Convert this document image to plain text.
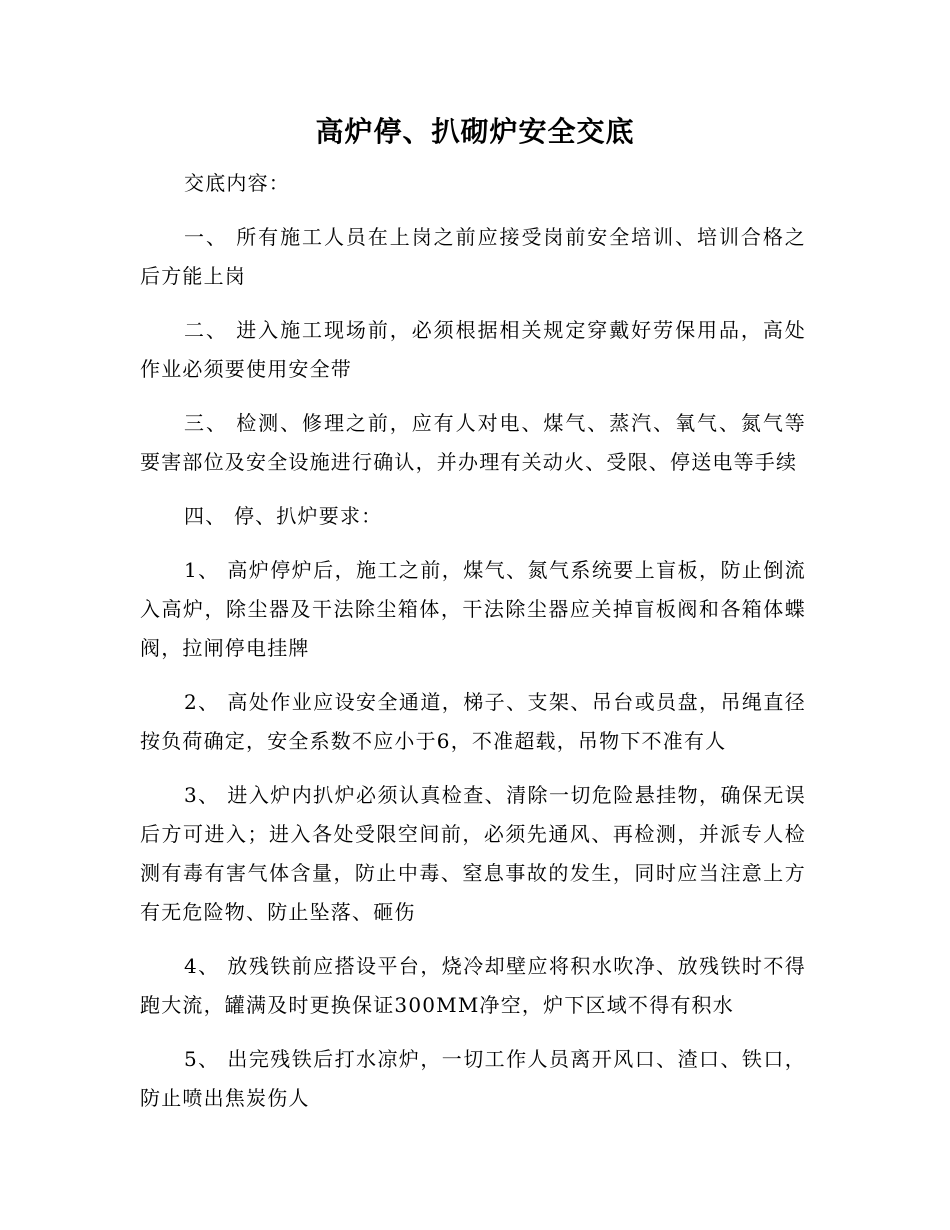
高炉停、扒砌炉安全交底

交底内容：

一、 所有施工人员在上岗之前应接受岗前安全培训、培训合格之后方能上岗

二、 进入施工现场前，必须根据相关规定穿戴好劳保用品，高处作业必须要使用安全带

三、 检测、修理之前，应有人对电、煤气、蒸汽、氧气、氮气等要害部位及安全设施进行确认，并办理有关动火、受限、停送电等手续

四、 停、扒炉要求：

1、 高炉停炉后，施工之前，煤气、氮气系统要上盲板，防止倒流入高炉，除尘器及干法除尘箱体，干法除尘器应关掉盲板阀和各箱体蝶阀，拉闸停电挂牌

2、 高处作业应设安全通道，梯子、支架、吊台或员盘，吊绳直径按负荷确定，安全系数不应小于6，不准超载，吊物下不准有人

3、 进入炉内扒炉必须认真检查、清除一切危险悬挂物，确保无误后方可进入；进入各处受限空间前，必须先通风、再检测，并派专人检测有毒有害气体含量，防止中毒、窒息事故的发生，同时应当注意上方有无危险物、防止坠落、砸伤

4、 放残铁前应搭设平台，烧冷却壁应将积水吹净、放残铁时不得跑大流，罐满及时更换保证300MM净空，炉下区域不得有积水

5、 出完残铁后打水凉炉，一切工作人员离开风口、渣口、铁口，防止喷出焦炭伤人
